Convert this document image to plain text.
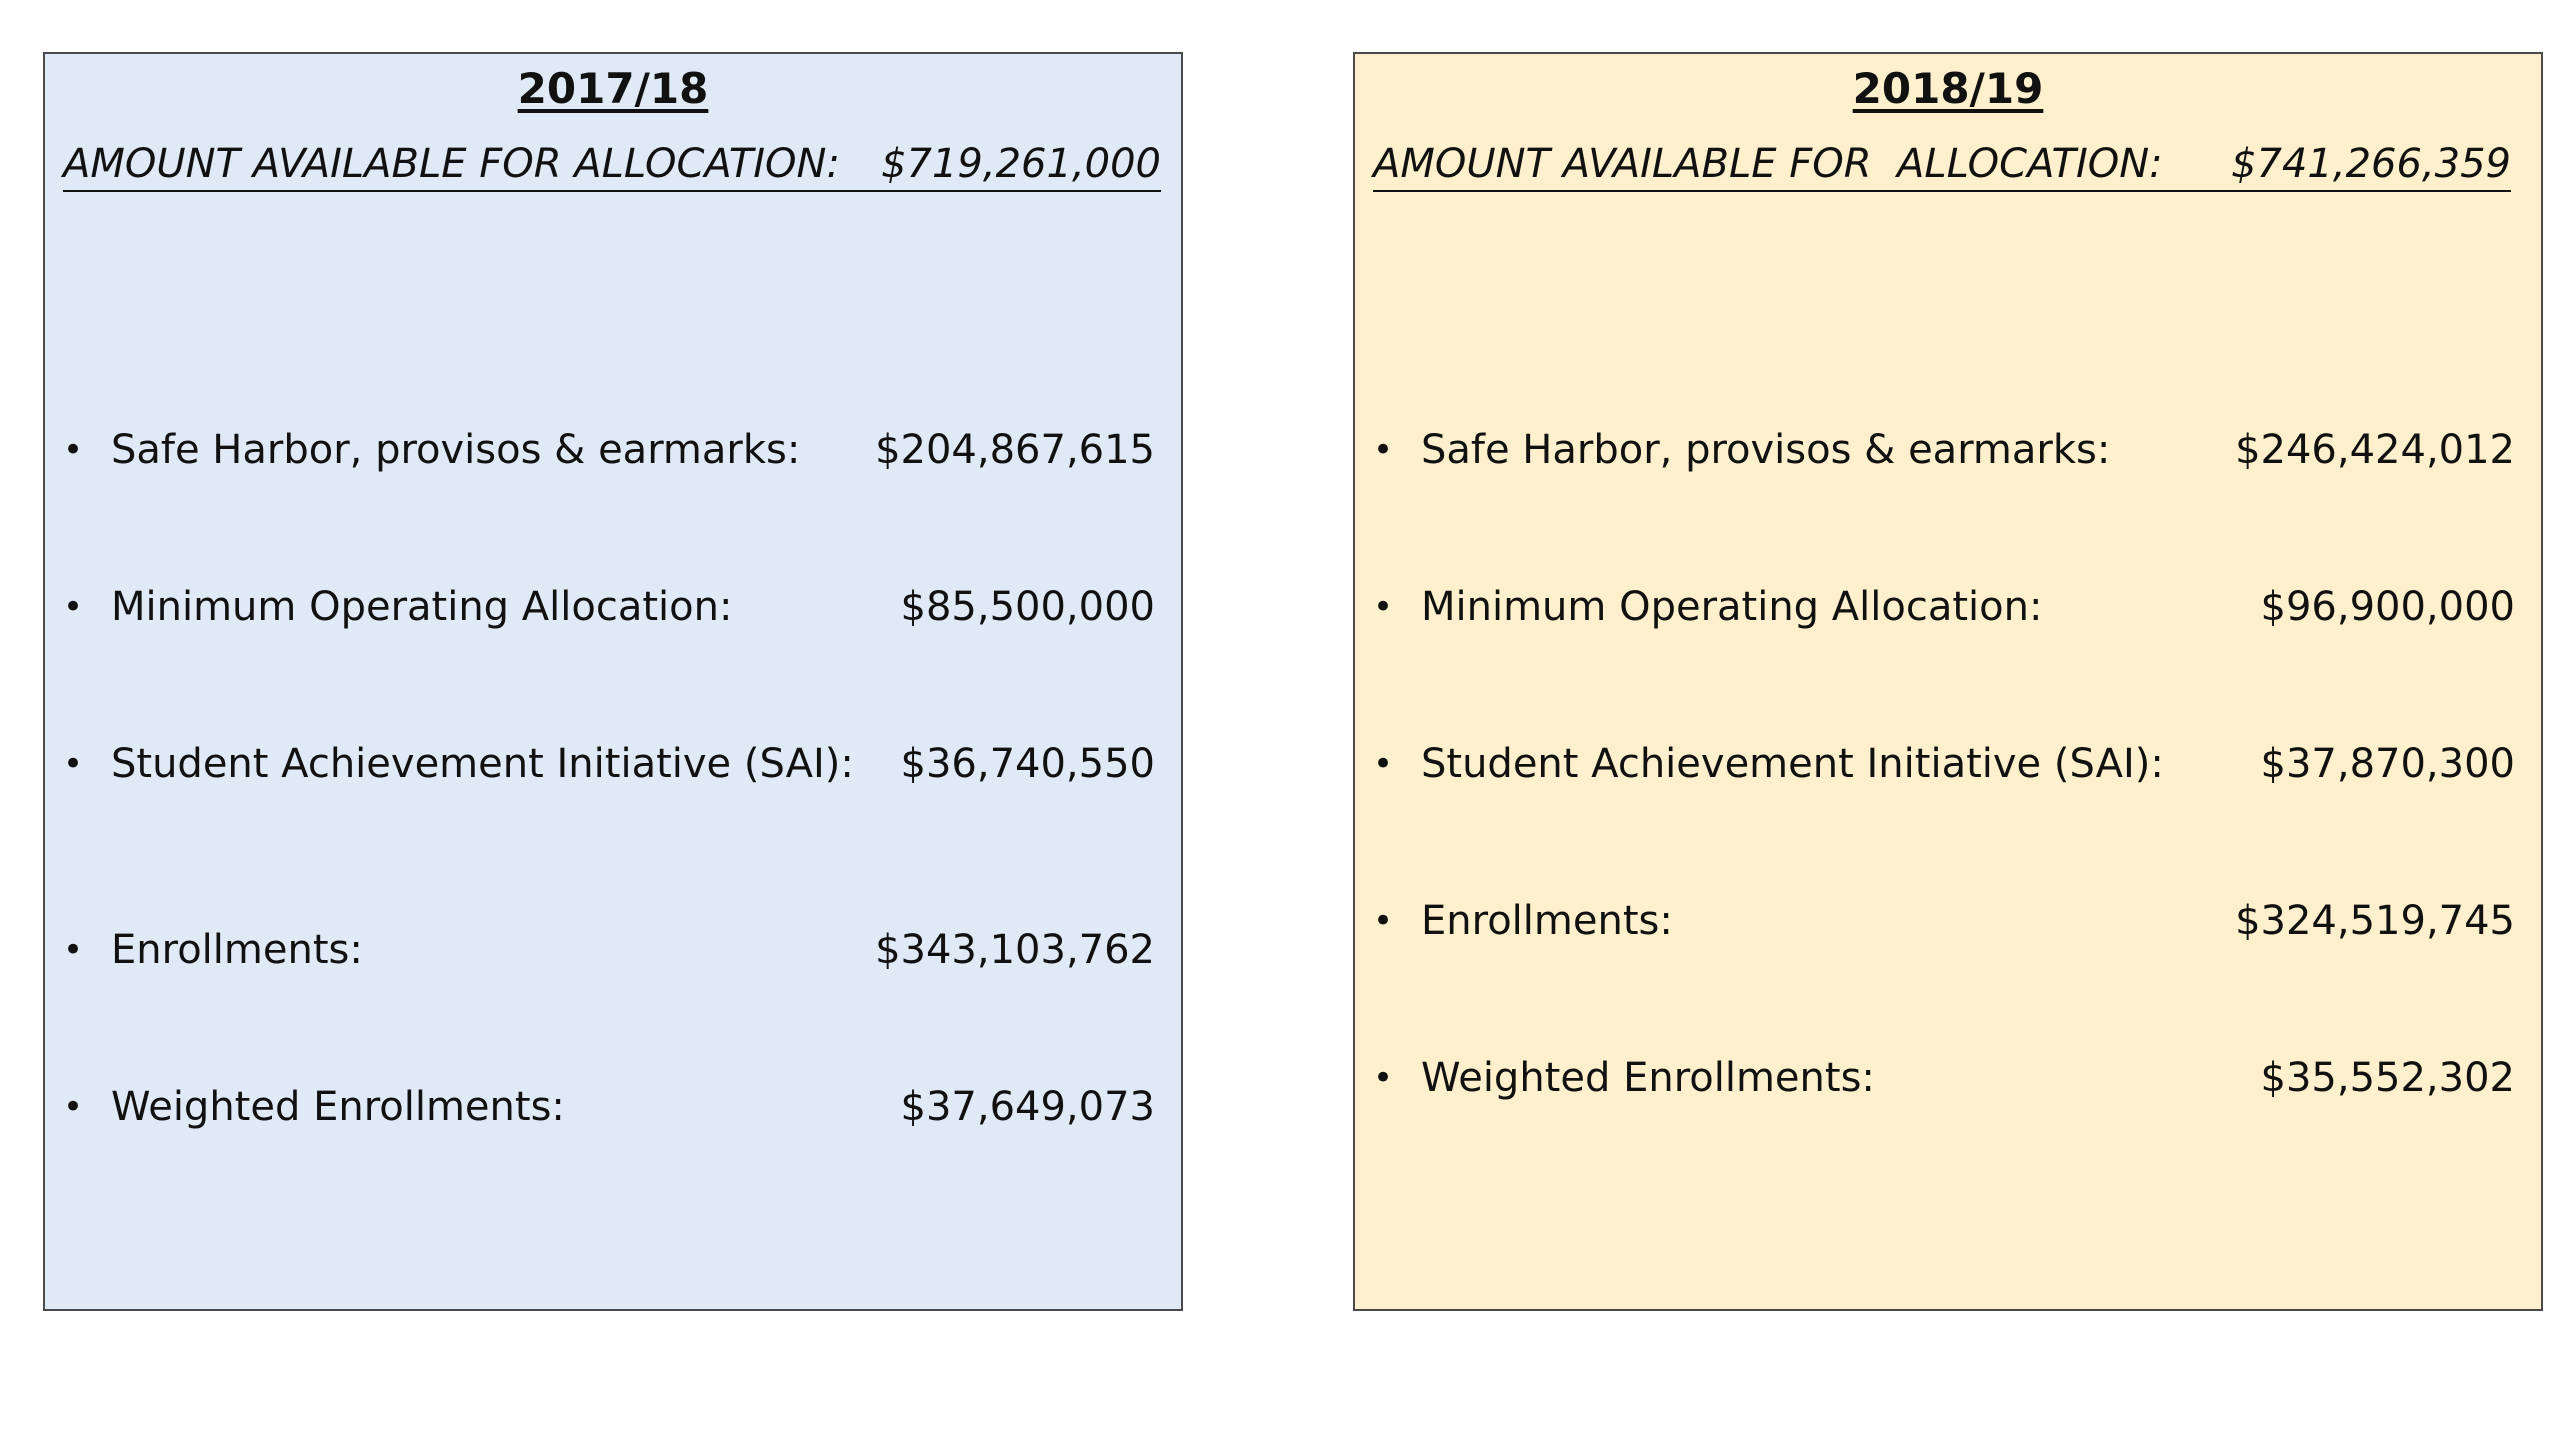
2017/18
AMOUNT AVAILABLE FOR ALLOCATION: $719,261,000
• Safe Harbor, provisos & earmarks:	$204,867,615
• Minimum Operating Allocation:	$85,500,000
• Student Achievement Initiative (SAI):	$36,740,550
• Enrollments:	$343,103,762
• Weighted Enrollments:	$37,649,073
2018/19
AMOUNT AVAILABLE FOR  ALLOCATION: $741,266,359
• Safe Harbor, provisos & earmarks:	$246,424,012
• Minimum Operating Allocation:	$96,900,000
• Student Achievement Initiative (SAI):	$37,870,300
• Enrollments:	$324,519,745
• Weighted Enrollments:	$35,552,302
